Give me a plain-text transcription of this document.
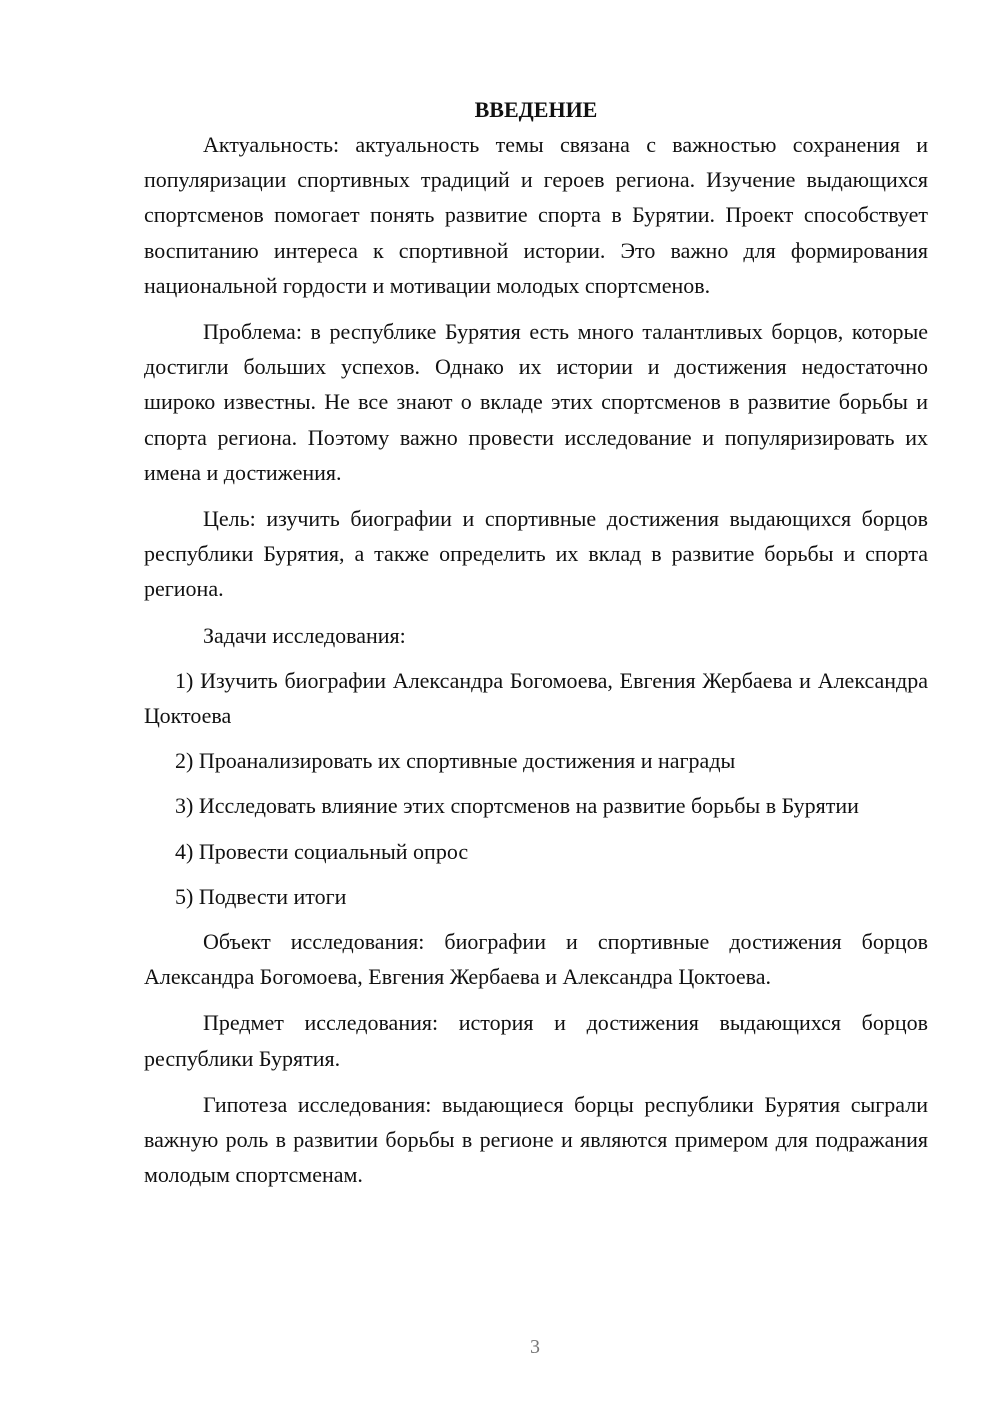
ВВЕДЕНИЕ

Актуальность: актуальность темы связана с важностью сохранения и популяризации спортивных традиций и героев региона. Изучение выдающихся спортсменов помогает понять развитие спорта в Бурятии. Проект способствует воспитанию интереса к спортивной истории. Это важно для формирования национальной гордости и мотивации молодых спортсменов.

Проблема: в республике Бурятия есть много талантливых борцов, которые достигли больших успехов. Однако их истории и достижения недостаточно широко известны. Не все знают о вкладе этих спортсменов в развитие борьбы и спорта региона. Поэтому важно провести исследование и популяризировать их имена и достижения.

Цель: изучить биографии и спортивные достижения выдающихся борцов республики Бурятия, а также определить их вклад в развитие борьбы и спорта региона.

Задачи исследования:

1) Изучить биографии Александра Богомоева, Евгения Жербаева и Александра Цоктоева

2) Проанализировать их спортивные достижения и награды

3) Исследовать влияние этих спортсменов на развитие борьбы в Бурятии

4) Провести социальный опрос

5) Подвести итоги

Объект исследования: биографии и спортивные достижения борцов Александра Богомоева, Евгения Жербаева и Александра Цоктоева.

Предмет исследования: история и достижения выдающихся борцов республики Бурятия.

Гипотеза исследования: выдающиеся борцы республики Бурятия сыграли важную роль в развитии борьбы в регионе и являются примером для подражания молодым спортсменам.

3
